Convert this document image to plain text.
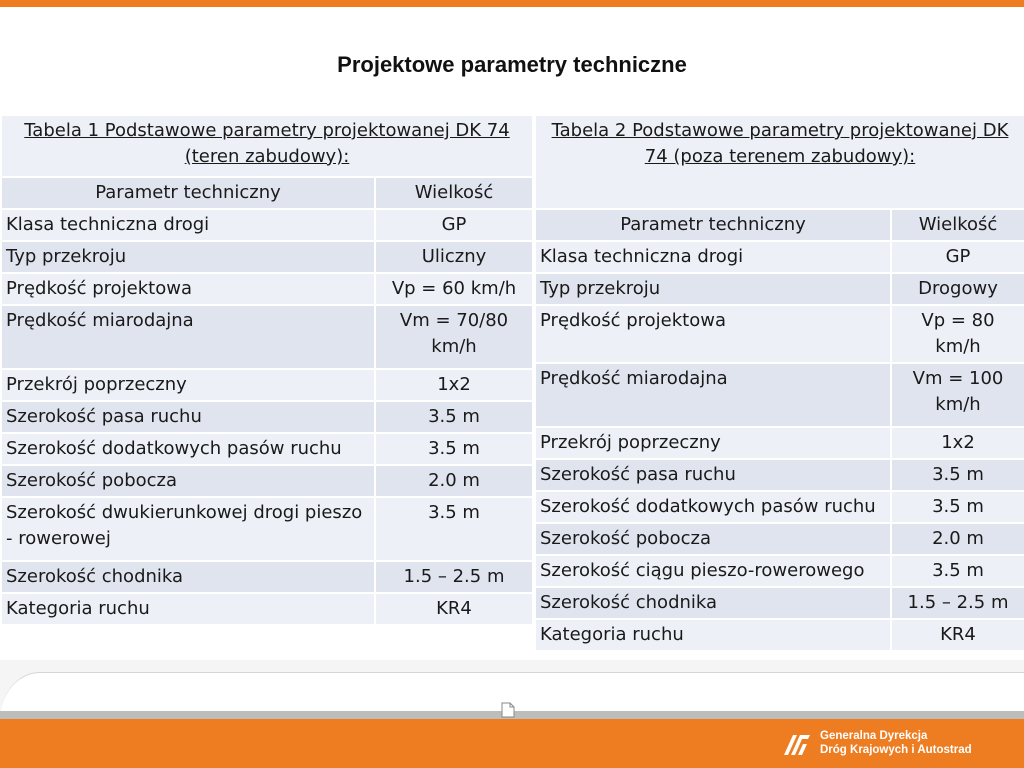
Projektowe parametry techniczne
Tabela 1 Podstawowe parametry projektowanej DK 74 (teren zabudowy):	
Parametr techniczny	Wielkość
Klasa techniczna drogi	GP
Typ przekroju	Uliczny
Prędkość projektowa	Vp = 60 km/h
Prędkość miarodajna	Vm = 70/80 km/h
Przekrój poprzeczny	1x2
Szerokość pasa ruchu	3.5 m
Szerokość dodatkowych pasów ruchu	3.5 m
Szerokość pobocza	2.0 m
Szerokość dwukierunkowej drogi pieszo - rowerowej	3.5 m
Szerokość chodnika	1.5 – 2.5 m
Kategoria ruchu	KR4
Tabela 2 Podstawowe parametry projektowanej DK 74 (poza terenem zabudowy):	
Parametr techniczny	Wielkość
Klasa techniczna drogi	GP
Typ przekroju	Drogowy
Prędkość projektowa	Vp = 80 km/h
Prędkość miarodajna	Vm = 100 km/h
Przekrój poprzeczny	1x2
Szerokość pasa ruchu	3.5 m
Szerokość dodatkowych pasów ruchu	3.5 m
Szerokość pobocza	2.0 m
Szerokość ciągu pieszo-rowerowego	3.5 m
Szerokość chodnika	1.5 – 2.5 m
Kategoria ruchu	KR4
Generalna Dyrekcja
Dróg Krajowych i Autostrad
